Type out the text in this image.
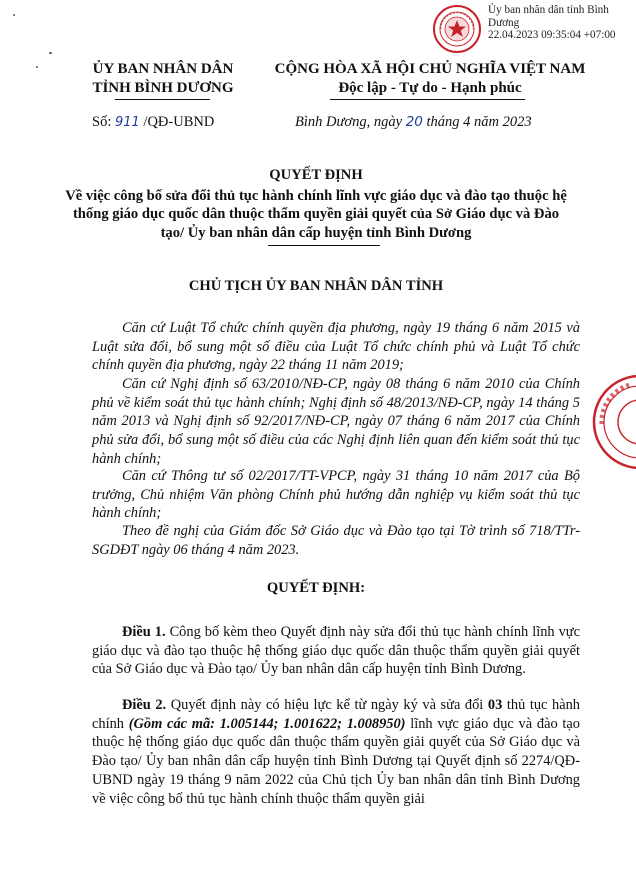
Ủy ban nhân dân tỉnh Bình Dương
22.04.2023 09:35:04 +07:00
ỦY BAN NHÂN DÂN
TỈNH BÌNH DƯƠNG
CỘNG HÒA XÃ HỘI CHỦ NGHĨA VIỆT NAM
Độc lập - Tự do - Hạnh phúc
Số: 911 /QĐ-UBND	Bình Dương, ngày 20 tháng 4 năm 2023
QUYẾT ĐỊNH
Về việc công bố sửa đổi thủ tục hành chính lĩnh vực giáo dục và đào tạo thuộc hệ thống giáo dục quốc dân thuộc thẩm quyền giải quyết của Sở Giáo dục và Đào tạo/ Ủy ban nhân dân cấp huyện tỉnh Bình Dương
CHỦ TỊCH ỦY BAN NHÂN DÂN TỈNH

Căn cứ Luật Tổ chức chính quyền địa phương, ngày 19 tháng 6 năm 2015 và Luật sửa đổi, bổ sung một số điều của Luật Tổ chức chính phủ và Luật Tổ chức chính quyền địa phương, ngày 22 tháng 11 năm 2019;

Căn cứ Nghị định số 63/2010/NĐ-CP, ngày 08 tháng 6 năm 2010 của Chính phủ về kiểm soát thủ tục hành chính; Nghị định số 48/2013/NĐ-CP, ngày 14 tháng 5 năm 2013 và Nghị định số 92/2017/NĐ-CP, ngày 07 tháng 6 năm 2017 của Chính phủ sửa đổi, bổ sung một số điều của các Nghị định liên quan đến kiểm soát thủ tục hành chính;

Căn cứ Thông tư số 02/2017/TT-VPCP, ngày 31 tháng 10 năm 2017 của Bộ trưởng, Chủ nhiệm Văn phòng Chính phủ hướng dẫn nghiệp vụ kiểm soát thủ tục hành chính;

Theo đề nghị của Giám đốc Sở Giáo dục và Đào tạo tại Tờ trình số 718/TTr-SGDĐT ngày 06 tháng 4 năm 2023.

QUYẾT ĐỊNH:

Điều 1. Công bố kèm theo Quyết định này sửa đổi thủ tục hành chính lĩnh vực giáo dục và đào tạo thuộc hệ thống giáo dục quốc dân thuộc thẩm quyền giải quyết của Sở Giáo dục và Đào tạo/ Ủy ban nhân dân cấp huyện tỉnh Bình Dương.

Điều 2. Quyết định này có hiệu lực kể từ ngày ký và sửa đổi 03 thủ tục hành chính (Gồm các mã: 1.005144; 1.001622; 1.008950) lĩnh vực giáo dục và đào tạo thuộc hệ thống giáo dục quốc dân thuộc thẩm quyền giải quyết của Sở Giáo dục và Đào tạo/ Ủy ban nhân dân cấp huyện tỉnh Bình Dương tại Quyết định số 2274/QĐ-UBND ngày 19 tháng 9 năm 2022 của Chủ tịch Ủy ban nhân dân tỉnh Bình Dương về việc công bố thủ tục hành chính thuộc thẩm quyền giải
